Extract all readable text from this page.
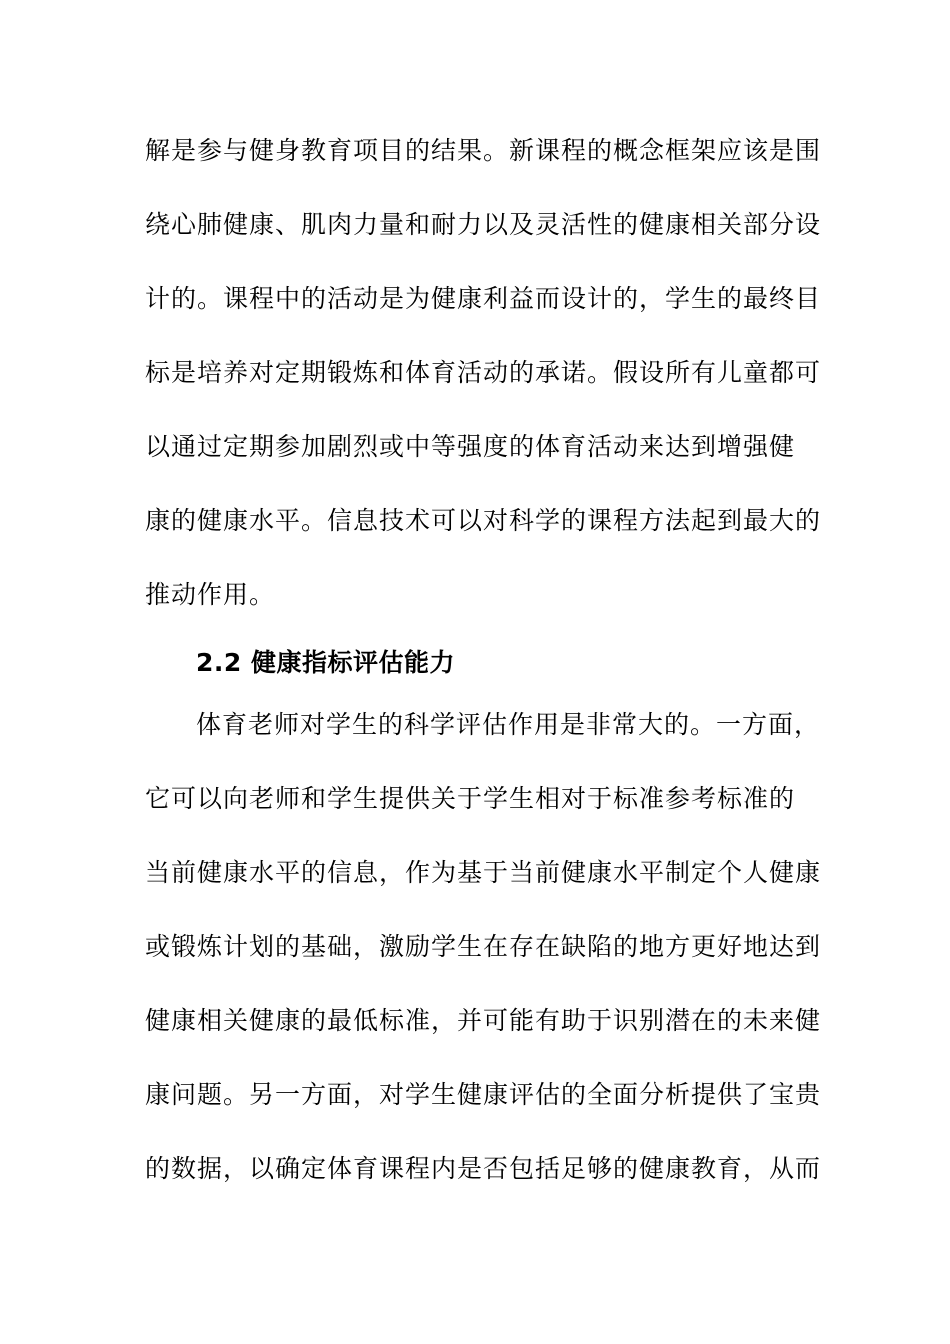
解是参与健身教育项目的结果。新课程的概念框架应该是围
绕心肺健康、肌肉力量和耐力以及灵活性的健康相关部分设
计的。课程中的活动是为健康利益而设计的，学生的最终目
标是培养对定期锻炼和体育活动的承诺。假设所有儿童都可
以通过定期参加剧烈或中等强度的体育活动来达到增强健
康的健康水平。信息技术可以对科学的课程方法起到最大的
推动作用。
2.2 健康指标评估能力
体育老师对学生的科学评估作用是非常大的。一方面，
它可以向老师和学生提供关于学生相对于标准参考标准的
当前健康水平的信息，作为基于当前健康水平制定个人健康
或锻炼计划的基础，激励学生在存在缺陷的地方更好地达到
健康相关健康的最低标准，并可能有助于识别潜在的未来健
康问题。另一方面，对学生健康评估的全面分析提供了宝贵
的数据，以确定体育课程内是否包括足够的健康教育，从而
